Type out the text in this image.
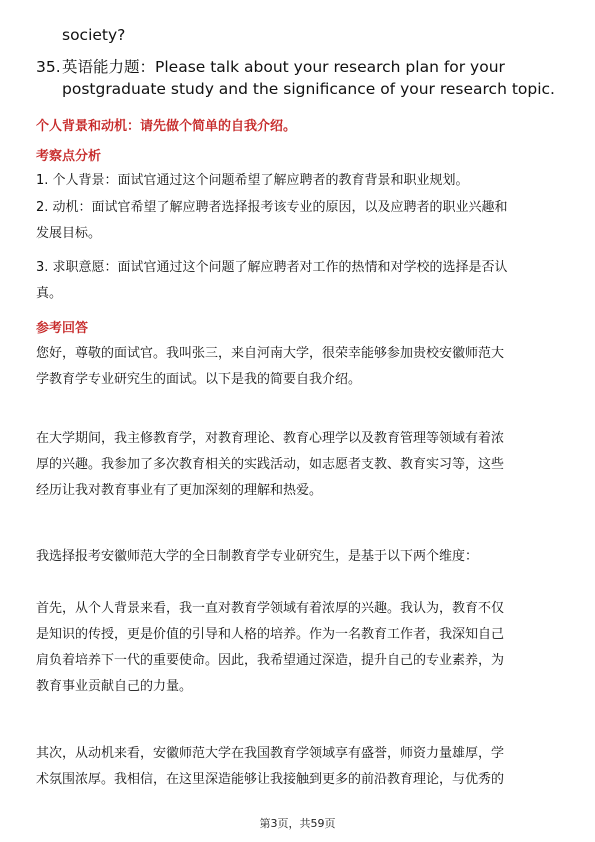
society?

35. 英语能力题：Please talk about your research plan for your
postgraduate study and the significance of your research topic.

个人背景和动机：请先做个简单的自我介绍。

考察点分析

1. 个人背景：面试官通过这个问题希望了解应聘者的教育背景和职业规划。

2. 动机：面试官希望了解应聘者选择报考该专业的原因，以及应聘者的职业兴趣和
发展目标。

3. 求职意愿：面试官通过这个问题了解应聘者对工作的热情和对学校的选择是否认
真。

参考回答

您好，尊敬的面试官。我叫张三，来自河南大学，很荣幸能够参加贵校安徽师范大
学教育学专业研究生的面试。以下是我的简要自我介绍。

在大学期间，我主修教育学，对教育理论、教育心理学以及教育管理等领域有着浓
厚的兴趣。我参加了多次教育相关的实践活动，如志愿者支教、教育实习等，这些
经历让我对教育事业有了更加深刻的理解和热爱。

我选择报考安徽师范大学的全日制教育学专业研究生，是基于以下两个维度：

首先，从个人背景来看，我一直对教育学领域有着浓厚的兴趣。我认为，教育不仅
是知识的传授，更是价值的引导和人格的培养。作为一名教育工作者，我深知自己
肩负着培养下一代的重要使命。因此，我希望通过深造，提升自己的专业素养，为
教育事业贡献自己的力量。

其次，从动机来看，安徽师范大学在我国教育学领域享有盛誉，师资力量雄厚，学
术氛围浓厚。我相信，在这里深造能够让我接触到更多的前沿教育理论，与优秀的

第3页，共59页
